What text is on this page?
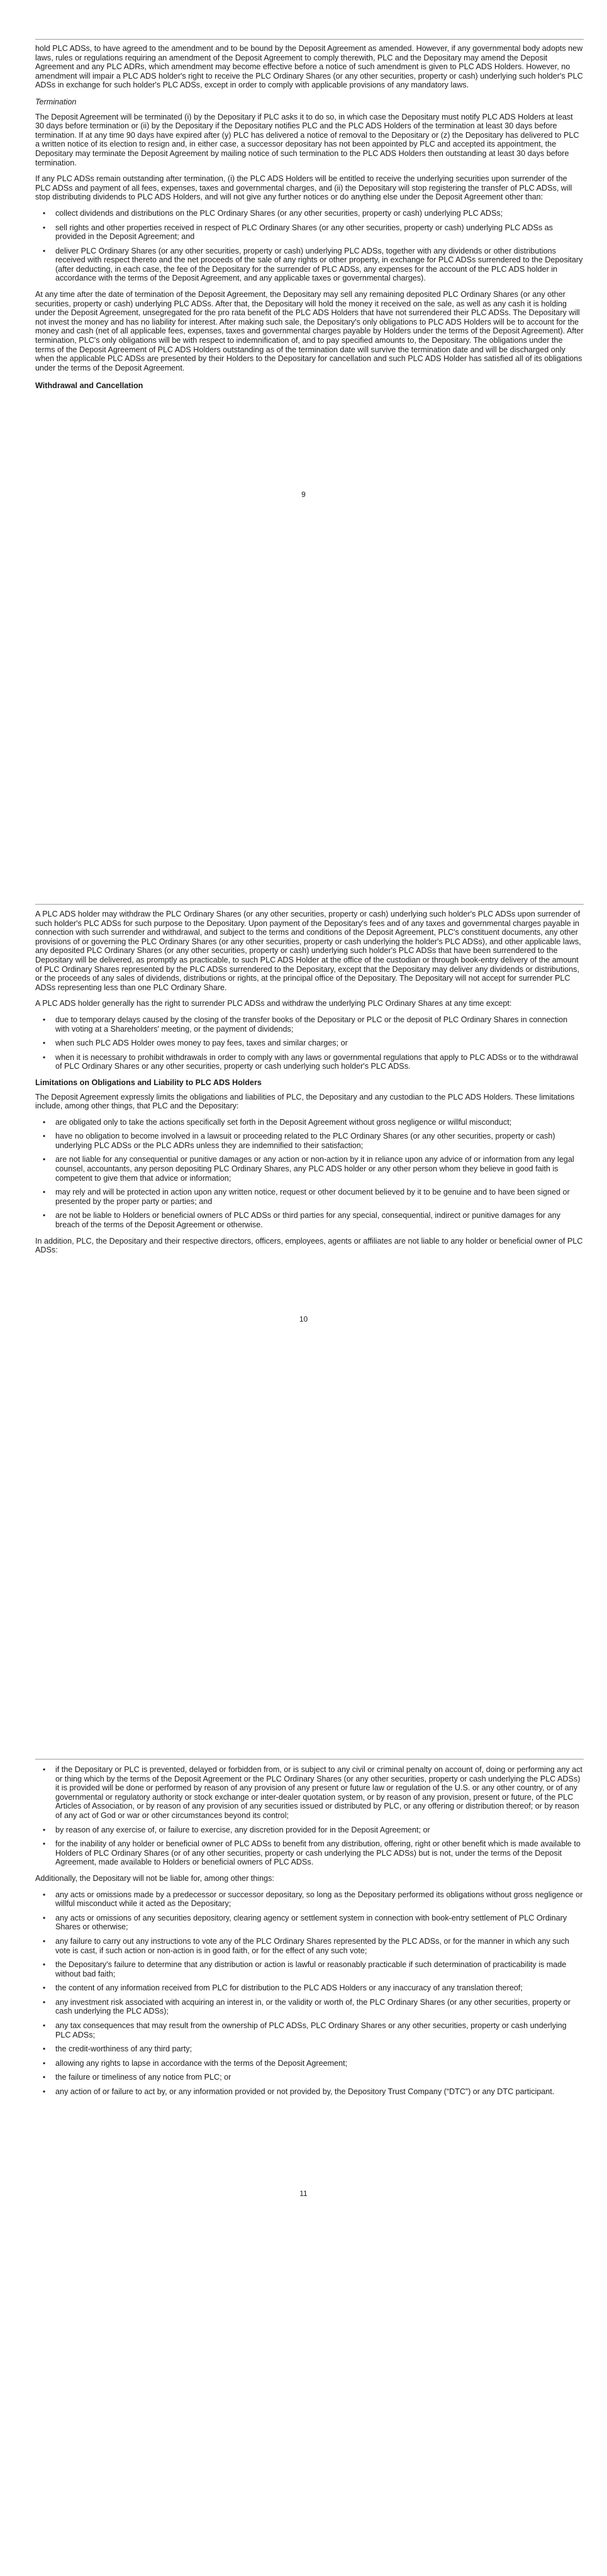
hold PLC ADSs, to have agreed to the amendment and to be bound by the Deposit Agreement as amended. However, if any governmental body adopts new laws, rules or regulations requiring an amendment of the Deposit Agreement to comply therewith, PLC and the Depositary may amend the Deposit Agreement and any PLC ADRs, which amendment may become effective before a notice of such amendment is given to PLC ADS Holders. However, no amendment will impair a PLC ADS holder's right to receive the PLC Ordinary Shares (or any other securities, property or cash) underlying such holder's PLC ADSs in exchange for such holder's PLC ADSs, except in order to comply with applicable provisions of any mandatory laws.

Termination

The Deposit Agreement will be terminated (i) by the Depositary if PLC asks it to do so, in which case the Depositary must notify PLC ADS Holders at least 30 days before termination or (ii) by the Depositary if the Depositary notifies PLC and the PLC ADS Holders of the termination at least 30 days before termination. If at any time 90 days have expired after (y) PLC has delivered a notice of removal to the Depositary or (z) the Depositary has delivered to PLC a written notice of its election to resign and, in either case, a successor depositary has not been appointed by PLC and accepted its appointment, the Depositary may terminate the Deposit Agreement by mailing notice of such termination to the PLC ADS Holders then outstanding at least 30 days before termination.

If any PLC ADSs remain outstanding after termination, (i) the PLC ADS Holders will be entitled to receive the underlying securities upon surrender of the PLC ADSs and payment of all fees, expenses, taxes and governmental charges, and (ii) the Depositary will stop registering the transfer of PLC ADSs, will stop distributing dividends to PLC ADS Holders, and will not give any further notices or do anything else under the Deposit Agreement other than:

• collect dividends and distributions on the PLC Ordinary Shares (or any other securities, property or cash) underlying PLC ADSs;
• sell rights and other properties received in respect of PLC Ordinary Shares (or any other securities, property or cash) underlying PLC ADSs as provided in the Deposit Agreement; and
• deliver PLC Ordinary Shares (or any other securities, property or cash) underlying PLC ADSs, together with any dividends or other distributions received with respect thereto and the net proceeds of the sale of any rights or other property, in exchange for PLC ADSs surrendered to the Depositary (after deducting, in each case, the fee of the Depositary for the surrender of PLC ADSs, any expenses for the account of the PLC ADS holder in accordance with the terms of the Deposit Agreement, and any applicable taxes or governmental charges).

At any time after the date of termination of the Deposit Agreement, the Depositary may sell any remaining deposited PLC Ordinary Shares (or any other securities, property or cash) underlying PLC ADSs. After that, the Depositary will hold the money it received on the sale, as well as any cash it is holding under the Deposit Agreement, unsegregated for the pro rata benefit of the PLC ADS Holders that have not surrendered their PLC ADSs. The Depositary will not invest the money and has no liability for interest. After making such sale, the Depositary's only obligations to PLC ADS Holders will be to account for the money and cash (net of all applicable fees, expenses, taxes and governmental charges payable by Holders under the terms of the Deposit Agreement). After termination, PLC's only obligations will be with respect to indemnification of, and to pay specified amounts to, the Depositary. The obligations under the terms of the Deposit Agreement of PLC ADS Holders outstanding as of the termination date will survive the termination date and will be discharged only when the applicable PLC ADSs are presented by their Holders to the Depositary for cancellation and such PLC ADS Holder has satisfied all of its obligations under the terms of the Deposit Agreement.

Withdrawal and Cancellation
9

A PLC ADS holder may withdraw the PLC Ordinary Shares (or any other securities, property or cash) underlying such holder's PLC ADSs upon surrender of such holder's PLC ADSs for such purpose to the Depositary. Upon payment of the Depositary's fees and of any taxes and governmental charges payable in connection with such surrender and withdrawal, and subject to the terms and conditions of the Deposit Agreement, PLC's constituent documents, any other provisions of or governing the PLC Ordinary Shares (or any other securities, property or cash underlying the holder's PLC ADSs), and other applicable laws, any deposited PLC Ordinary Shares (or any other securities, property or cash) underlying such holder's PLC ADSs that have been surrendered to the Depositary will be delivered, as promptly as practicable, to such PLC ADS Holder at the office of the custodian or through book-entry delivery of the amount of PLC Ordinary Shares represented by the PLC ADSs surrendered to the Depositary, except that the Depositary may deliver any dividends or distributions, or the proceeds of any sales of dividends, distributions or rights, at the principal office of the Depositary. The Depositary will not accept for surrender PLC ADSs representing less than one PLC Ordinary Share.

A PLC ADS holder generally has the right to surrender PLC ADSs and withdraw the underlying PLC Ordinary Shares at any time except:

• due to temporary delays caused by the closing of the transfer books of the Depositary or PLC or the deposit of PLC Ordinary Shares in connection with voting at a Shareholders' meeting, or the payment of dividends;
• when such PLC ADS Holder owes money to pay fees, taxes and similar charges; or
• when it is necessary to prohibit withdrawals in order to comply with any laws or governmental regulations that apply to PLC ADSs or to the withdrawal of PLC Ordinary Shares or any other securities, property or cash underlying such holder's PLC ADSs.
Limitations on Obligations and Liability to PLC ADS Holders

The Deposit Agreement expressly limits the obligations and liabilities of PLC, the Depositary and any custodian to the PLC ADS Holders. These limitations include, among other things, that PLC and the Depositary:

• are obligated only to take the actions specifically set forth in the Deposit Agreement without gross negligence or willful misconduct;
• have no obligation to become involved in a lawsuit or proceeding related to the PLC Ordinary Shares (or any other securities, property or cash) underlying PLC ADSs or the PLC ADRs unless they are indemnified to their satisfaction;
• are not liable for any consequential or punitive damages or any action or non-action by it in reliance upon any advice of or information from any legal counsel, accountants, any person depositing PLC Ordinary Shares, any PLC ADS holder or any other person whom they believe in good faith is competent to give them that advice or information;
• may rely and will be protected in action upon any written notice, request or other document believed by it to be genuine and to have been signed or presented by the proper party or parties; and
• are not be liable to Holders or beneficial owners of PLC ADSs or third parties for any special, consequential, indirect or punitive damages for any breach of the terms of the Deposit Agreement or otherwise.

In addition, PLC, the Depositary and their respective directors, officers, employees, agents or affiliates are not liable to any holder or beneficial owner of PLC ADSs:

10
• if the Depositary or PLC is prevented, delayed or forbidden from, or is subject to any civil or criminal penalty on account of, doing or performing any act or thing which by the terms of the Deposit Agreement or the PLC Ordinary Shares (or any other securities, property or cash underlying the PLC ADSs) it is provided will be done or performed by reason of any provision of any present or future law or regulation of the U.S. or any other country, or of any governmental or regulatory authority or stock exchange or inter-dealer quotation system, or by reason of any provision, present or future, of the PLC Articles of Association, or by reason of any provision of any securities issued or distributed by PLC, or any offering or distribution thereof; or by reason of any act of God or war or other circumstances beyond its control;
• by reason of any exercise of, or failure to exercise, any discretion provided for in the Deposit Agreement; or
• for the inability of any holder or beneficial owner of PLC ADSs to benefit from any distribution, offering, right or other benefit which is made available to Holders of PLC Ordinary Shares (or of any other securities, property or cash underlying the PLC ADSs) but is not, under the terms of the Deposit Agreement, made available to Holders or beneficial owners of PLC ADSs.

Additionally, the Depositary will not be liable for, among other things:

• any acts or omissions made by a predecessor or successor depositary, so long as the Depositary performed its obligations without gross negligence or willful misconduct while it acted as the Depositary;
• any acts or omissions of any securities depository, clearing agency or settlement system in connection with book-entry settlement of PLC Ordinary Shares or otherwise;
• any failure to carry out any instructions to vote any of the PLC Ordinary Shares represented by the PLC ADSs, or for the manner in which any such vote is cast, if such action or non-action is in good faith, or for the effect of any such vote;
• the Depositary's failure to determine that any distribution or action is lawful or reasonably practicable if such determination of practicability is made without bad faith;
• the content of any information received from PLC for distribution to the PLC ADS Holders or any inaccuracy of any translation thereof;
• any investment risk associated with acquiring an interest in, or the validity or worth of, the PLC Ordinary Shares (or any other securities, property or cash underlying the PLC ADSs);
• any tax consequences that may result from the ownership of PLC ADSs, PLC Ordinary Shares or any other securities, property or cash underlying PLC ADSs;
• the credit-worthiness of any third party;
• allowing any rights to lapse in accordance with the terms of the Deposit Agreement;
• the failure or timeliness of any notice from PLC; or
• any action of or failure to act by, or any information provided or not provided by, the Depository Trust Company (“DTC”) or any DTC participant.
11
